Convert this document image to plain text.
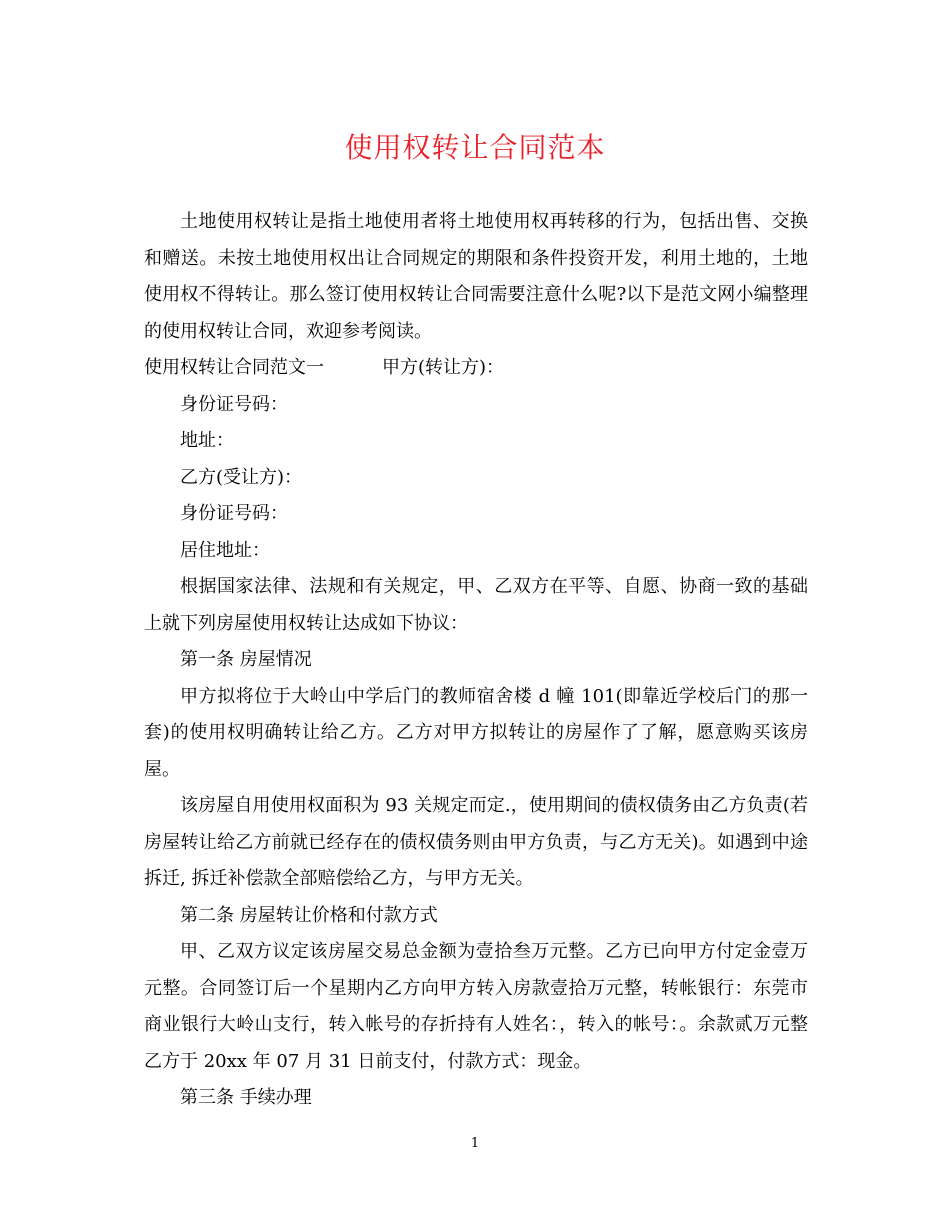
使用权转让合同范本

土地使用权转让是指土地使用者将土地使用权再转移的行为，包括出售、交换和赠送。未按土地使用权出让合同规定的期限和条件投资开发，利用土地的，土地使用权不得转让。那么签订使用权转让合同需要注意什么呢?以下是范文网小编整理的使用权转让合同，欢迎参考阅读。

使用权转让合同范文一	甲方(转让方)：

身份证号码：

地址：

乙方(受让方)：

身份证号码：

居住地址：

根据国家法律、法规和有关规定，甲、乙双方在平等、自愿、协商一致的基础上就下列房屋使用权转让达成如下协议：

第一条 房屋情况

甲方拟将位于大岭山中学后门的教师宿舍楼 d 幢 101(即靠近学校后门的那一套)的使用权明确转让给乙方。乙方对甲方拟转让的房屋作了了解，愿意购买该房屋。

该房屋自用使用权面积为 93 关规定而定.，使用期间的债权债务由乙方负责(若房屋转让给乙方前就已经存在的债权债务则由甲方负责，与乙方无关)。如遇到中途拆迁, 拆迁补偿款全部赔偿给乙方，与甲方无关。

第二条 房屋转让价格和付款方式

甲、乙双方议定该房屋交易总金额为壹拾叁万元整。乙方已向甲方付定金壹万元整。合同签订后一个星期内乙方向甲方转入房款壹拾万元整，转帐银行：东莞市商业银行大岭山支行，转入帐号的存折持有人姓名：，转入的帐号：。余款贰万元整乙方于 20xx 年 07 月 31 日前支付，付款方式：现金。

第三条 手续办理

1
